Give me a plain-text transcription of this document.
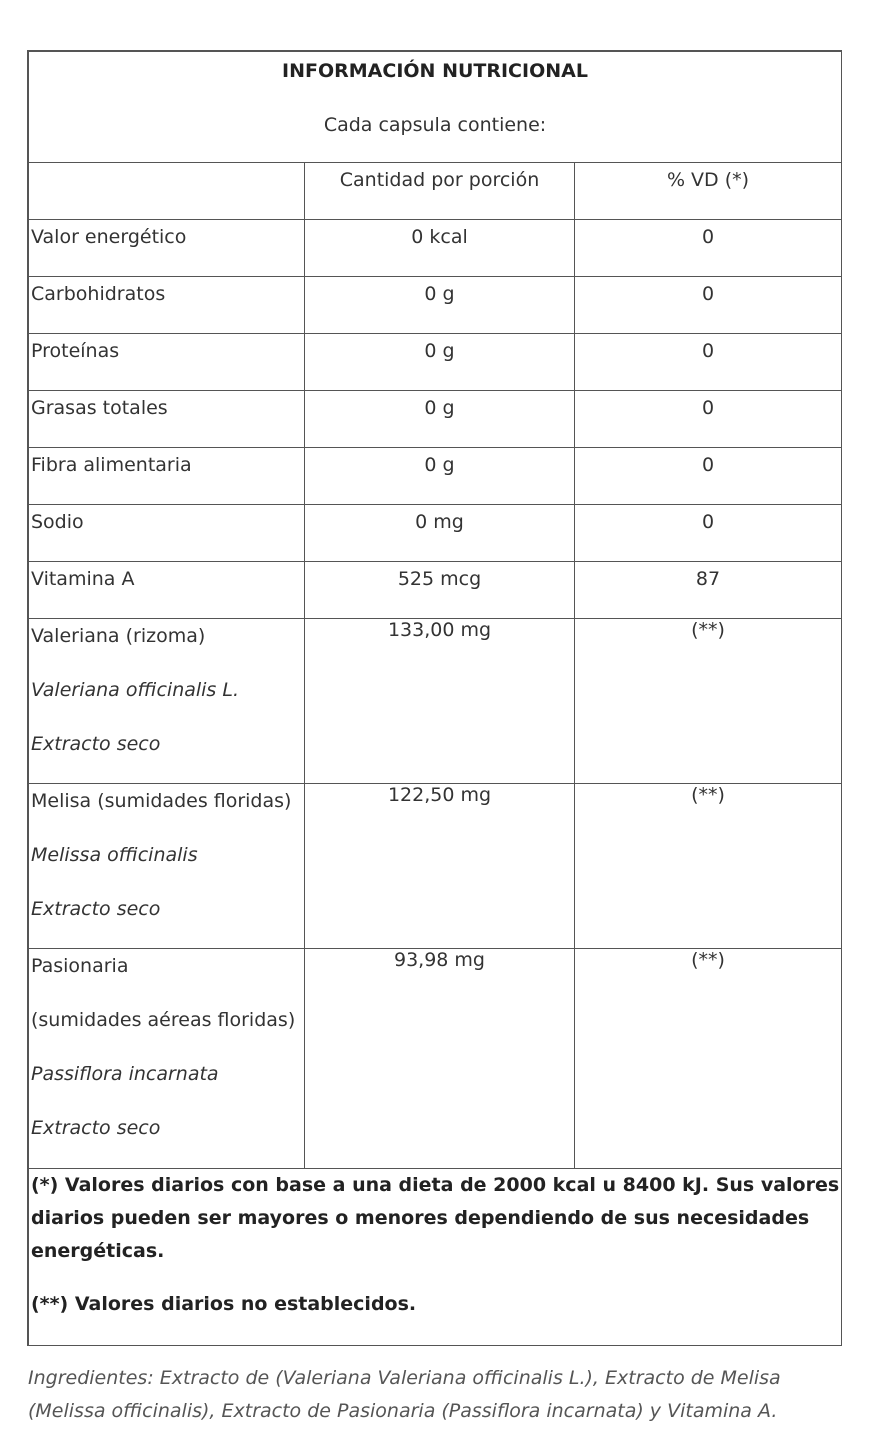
INFORMACIÓN NUTRICIONAL
Cada capsula contiene:		

	Cantidad por porción	% VD (*)

Valor energético	0 kcal	0

Carbohidratos	0 g	0

Proteínas	0 g	0

Grasas totales	0 g	0

Fibra alimentaria	0 g	0

Sodio	0 mg	0

Vitamina A	525 mcg	87

Valeriana (rizoma)
Valeriana officinalis L.
Extracto seco	133,00 mg	(**)

Melisa (sumidades floridas)
Melissa officinalis
Extracto seco	122,50 mg	(**)

Pasionaria
(sumidades aéreas floridas)
Passiflora incarnata
Extracto seco	93,98 mg	(**)

(*) Valores diarios con base a una dieta de 2000 kcal u 8400 kJ. Sus valores diarios pueden ser mayores o menores dependiendo de sus necesidades energéticas.
(**) Valores diarios no establecidos.		
Ingredientes: Extracto de (Valeriana Valeriana officinalis L.), Extracto de Melisa (Melissa officinalis), Extracto de Pasionaria (Passiflora incarnata) y Vitamina A.
